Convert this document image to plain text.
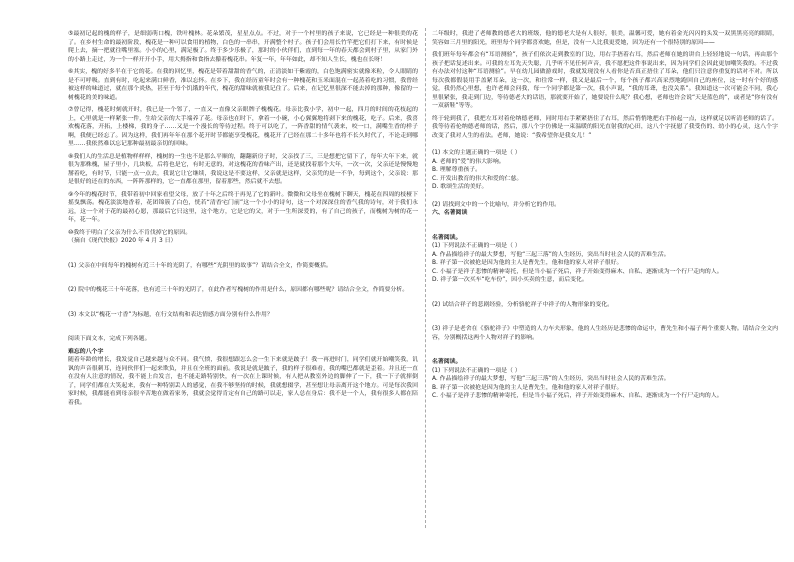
⑤最初记起的槐的样子，是细弱萌口槐，铁叶槐林。花朵繁茂，星星点点。不过，对于一个村里的孩子来说，它已经是一种很美的花了。在乡村生命的最初阶段，槐花是一种可以食用的植物，白色的一串串，开满整个村子。孩子们会用长竹竿把它们打下来，有时候是爬上去，摘一把就往嘴里塞。小小的心里，满足极了。终于多少乐极了，那时的小伙伴们，直到每一年的春天都会到村子里，从家门外的小路上走过，为一个一样开开小手，用大拇指和食指去攥着槐花串。年复一年，年年如此，却不知人生长，槐也在长呀！

⑥其实，槐的好多半在于它的花。在我的回忆里，槐花是带着甜甜的香气的，正清淡如干紫霞的，白色饱满密实就像米粒，令人眼睛的是不可呼吸。直到有时，吃起来满口鲜香，准以忘怀。在乡下，我在经历童年时会有一种槐花和玉米面混在一起蒸着吃的习惯，我曾经被这样的味道过，就在那个炎热，甚至于每个饥饿的年代，槐花的甜味就被我记住了。后来，在记忆里很深不能去掉的那种，像留的一树槐花的美的味道。

⑦曾记得，槐花时刻就开时，我已是一个邻了，一直又一直像父亲眼牌子槐槐花。母亲比我小学，初中一起，四月的时间的花枝起的上，心里就是一样紧张一件，生给父亲的大手端养了花。母亲也在时下，拿着一小碗，小心翼翼地将剥下来的槐花，吃子。后来，我喜欢槐花落，开拓，上楼梯，我的身子……又是一个漫长的等待过程。终于可以吃了，一阵香甜的情气袭来，咬一口，满嘴生香的样子啊，我便已经忘了。因为这样，我们再年年在那个花开时节都能享受槐花，槐花开了已经在那二十多年也将不长久时代了，不论走到哪里……我依然难以忘记那种最初最亲切的回味。

⑧我们人的生活总是植物样样样，槐树的一生也不是那么平顺的，翻翻新房子时，父亲找了三，三是想把它留下了，每年大年下来，就很为那株槐，屋子里小，几块板，后将也是它，有时无意的，对这槐花的香味产出，还是就找着那个大年，一次一次，父亲还是慢慢地掰着吃，有时节，只能一点一点去，我说它让它继续，我说这是不要这样，父亲就是这样，父亲凭的是一不争，每到这个，父亲说：那是很好的还在的东西，一阵阵那样的，它一直都在那里，留着那些，然后就不去想。

⑨今年的槐花时节，我带着初中回家看望父母，放了十年之后终于再见了它的新叶。微微和父母坐在槐树下聊天，槐花在四周的枝桠下摇曳飘荡。槐花淡淡地香着，花团锦簇了白色，恍若“清香宅门前”这一个小小的诗句，这一个对深深住的香气我的诗句，对于我们永远，这一个对于花的最初心愿，那最后它只这里，这个地方，它是它的父，对于一生所深爱的，有了自己的孩子，而槐树为树的花一年，花一年。

⑩我终于明白了父亲为什么不肯伐掉它的原因。

（摘自《现代快报》2020 年 4 月 3 日）

(1) 父亲在中间每年的槐树有近三十年的光阴了，有哪些“光阴里的故事”？请结合全文，作简要概括。

(2) 院中的槐花三十年花落，也有近三十年的光阴了，在此作者写槐树的作用是什么，原因都有哪些呢？请结合全文，作简要分析。

(3) 本文以“槐花一寸香”为标题，在行文结构和表达情感方面分别有什么作用？

阅读下面文本，完成下列各题。

难忘的八个字

随着年龄的增长，我发觉自己越来越与众不同。我气愤，我很想跟怎么会一生下来就是跛子！我一再进时门，同学们就开始嘲笑我，讥讽的声音很刺耳，连同伙伴们一起来欺负，并且在全班的面前。我说是就是跛子，我的样子很难看，我的嘴巴都就是歪着。并且还一直在没有人注意的情况，我不能上台发言，也不能走路特别快，有一次在上课时候，有人把从教室外边的脚伸了一下，我一下子就摔倒了，同学们都在大笑起来，我有一种特别丢人的感觉，在我不够坚持的时候，我就想辍学，甚至想让母亲离开这个地方。可是每次我回家时候，我都能看到母亲很辛苦地在做着家务，我就会觉得肯定有自己的路可以走，家人总在身后：我不是一个人，我有很多人都在陪着我。

二年级时，我进了老师教的德老大的班级，他的德老大是有人很好，很美，温馨可爱，她有着金光闪闪的头发一双黑黑亮亮的眼睛，笑容如三月里的阳光，班里每个同学都喜欢她，但是，没有一人比我更爱她，因为还有一个很特别的原因——

我们班年每年都会有“耳语测验”，孩子们依次走到教室的门边，用右手捂着右耳，然后老师在她的讲台上轻轻地说一句话，再由那个孩子把话复述出来。可我的左耳先天失聪，几乎听不见任何声音，我不愿把这件事说出来，因为同学们会因此更加嘲笑我的。不过我有办法对付这种“耳语测验”。早在幼儿园做游戏时，我就发现没有人看你是否真正捂住了耳朵，他们只注意你重复的话对不对。所以每次我都假装用手盖紧耳朵，这一次，和往常一样，我又是最后一个，每个孩子都兴高采烈地跑回自己的座位，这一时有个好的感觉，我仍然心里想，也许老师会问我，每一个同学都是第一次，我小声说，“我的耳聋，也没关系”。我知道这一次可能会不同，我心里很紧张，我走到门边，等待德老大的话语，那就要开始了，她要说什么呢？我心想，老师也许会说“天是蓝色的”，或者是“你有没有一双新鞋”等等。

终于轮到我了，我把左耳对着伦纳德老师，同时用右手紧紧捂住了右耳，然后悄悄地把右手抬起一点，这样就足以听清老师的话了。我等待着伦纳德老师的话，然后，那八个字仿佛是一束温暖的阳光直射我的心田，这八个字抚慰了我受伤的、幼小的心灵，这八个字改变了我对人生的看法。老师，她说：“我希望你是我女儿！”

(1) 本文的主题正确的一项是（ ）

A. 老师的“爱”的伟大影响。

B. 理解尊重孩子。

C. 开发出教育的伟大和爱的仁慈。

D. 歌颂生活的美好。

(2) 请找到文中的一个比喻句，并分析它的作用。

六、名著阅读

名著阅读。

(1) 下列说法不正确的一项是（ ）

A. 作品描绘祥子的最大梦想，写他“三起三落”的人生经历，突出当时社会人民的苦难生活。

B. 祥子第一次被抢是因为他的主人是曹先生，他和他的家人对祥子很好。

C. 小福子是祥子悲惨的精神寄托，但是当小福子死后，祥子开始变得麻木、自私、逐渐成为一个行尸走肉的人。

D. 祥子第一次买车“吃车份”，因小买卖的生意，而后变化。

(2) 试结合祥子的悲剧经验，分析骆驼祥子中祥子的人物形象的变化。

(3) 祥子是老舍在《骆驼祥子》中塑造的人力车夫形象，他的人生经历是悲惨的命运中，曹先生和小福子两个重要人物。请结合全文内容，分别概括这两个人物对祥子的影响。

名著阅读。

(1) 下列说法不正确的一项是（ ）

A. 作品描绘祥子的最大梦想，写他“三起三落”的人生经历，突出当时社会人民的苦难生活。

B. 祥子第一次被抢是因为他的主人是曹先生，他和他的家人对祥子很好。

C. 小福子是祥子悲惨的精神寄托，但是当小福子死后，祥子开始变得麻木、自私、逐渐成为一个行尸走肉的人。
